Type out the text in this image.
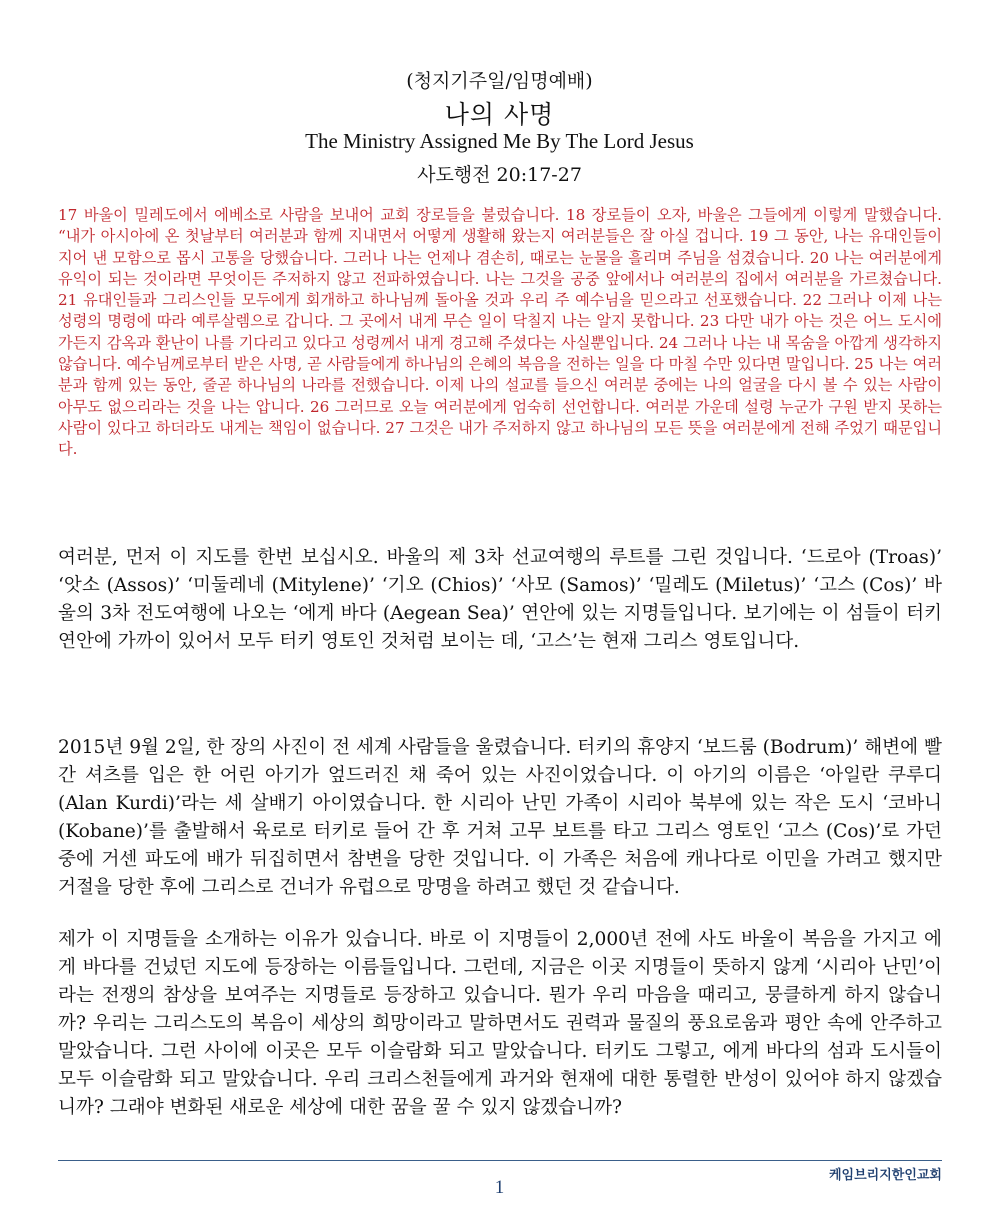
(청지기주일/임명예배)
나의 사명
The Ministry Assigned Me By The Lord Jesus
사도행전 20:17-27

17 바울이 밀레도에서 에베소로 사람을 보내어 교회 장로들을 불렀습니다. 18 장로들이 오자, 바울은 그들에게 이렇게 말했습니다. “내가 아시아에 온 첫날부터 여러분과 함께 지내면서 어떻게 생활해 왔는지 여러분들은 잘 아실 겁니다. 19 그 동안, 나는 유대인들이 지어 낸 모함으로 몹시 고통을 당했습니다. 그러나 나는 언제나 겸손히, 때로는 눈물을 흘리며 주님을 섬겼습니다. 20 나는 여러분에게 유익이 되는 것이라면 무엇이든 주저하지 않고 전파하였습니다. 나는 그것을 공중 앞에서나 여러분의 집에서 여러분을 가르쳤습니다. 21 유대인들과 그리스인들 모두에게 회개하고 하나님께 돌아올 것과 우리 주 예수님을 믿으라고 선포했습니다. 22 그러나 이제 나는 성령의 명령에 따라 예루살렘으로 갑니다. 그 곳에서 내게 무슨 일이 닥칠지 나는 알지 못합니다. 23 다만 내가 아는 것은 어느 도시에 가든지 감옥과 환난이 나를 기다리고 있다고 성령께서 내게 경고해 주셨다는 사실뿐입니다. 24 그러나 나는 내 목숨을 아깝게 생각하지 않습니다. 예수님께로부터 받은 사명, 곧 사람들에게 하나님의 은혜의 복음을 전하는 일을 다 마칠 수만 있다면 말입니다. 25 나는 여러분과 함께 있는 동안, 줄곧 하나님의 나라를 전했습니다. 이제 나의 설교를 들으신 여러분 중에는 나의 얼굴을 다시 볼 수 있는 사람이 아무도 없으리라는 것을 나는 압니다. 26 그러므로 오늘 여러분에게 엄숙히 선언합니다. 여러분 가운데 설령 누군가 구원 받지 못하는 사람이 있다고 하더라도 내게는 책임이 없습니다. 27 그것은 내가 주저하지 않고 하나님의 모든 뜻을 여러분에게 전해 주었기 때문입니다.

여러분, 먼저 이 지도를 한번 보십시오. 바울의 제 3차 선교여행의 루트를 그린 것입니다. ‘드로아 (Troas)’ ‘앗소 (Assos)’ ‘미둘레네 (Mitylene)’ ‘기오 (Chios)’ ‘사모 (Samos)’ ‘밀레도 (Miletus)’ ‘고스 (Cos)’ 바울의 3차 전도여행에 나오는 ‘에게 바다 (Aegean Sea)’ 연안에 있는 지명들입니다. 보기에는 이 섬들이 터키 연안에 가까이 있어서 모두 터키 영토인 것처럼 보이는 데, ‘고스’는 현재 그리스 영토입니다.

2015년 9월 2일, 한 장의 사진이 전 세계 사람들을 울렸습니다. 터키의 휴양지 ‘보드룸 (Bodrum)’ 해변에 빨간 셔츠를 입은 한 어린 아기가 엎드러진 채 죽어 있는 사진이었습니다. 이 아기의 이름은 ‘아일란 쿠루디 (Alan Kurdi)’라는 세 살배기 아이였습니다. 한 시리아 난민 가족이 시리아 북부에 있는 작은 도시 ‘코바니 (Kobane)’를 출발해서 육로로 터키로 들어 간 후 거쳐 고무 보트를 타고 그리스 영토인 ‘고스 (Cos)’로 가던 중에 거센 파도에 배가 뒤집히면서 참변을 당한 것입니다. 이 가족은 처음에 캐나다로 이민을 가려고 했지만 거절을 당한 후에 그리스로 건너가 유럽으로 망명을 하려고 했던 것 같습니다.

제가 이 지명들을 소개하는 이유가 있습니다. 바로 이 지명들이 2,000년 전에 사도 바울이 복음을 가지고 에게 바다를 건넜던 지도에 등장하는 이름들입니다. 그런데, 지금은 이곳 지명들이 뜻하지 않게 ‘시리아 난민’이라는 전쟁의 참상을 보여주는 지명들로 등장하고 있습니다. 뭔가 우리 마음을 때리고, 뭉클하게 하지 않습니까? 우리는 그리스도의 복음이 세상의 희망이라고 말하면서도 권력과 물질의 풍요로움과 평안 속에 안주하고 말았습니다. 그런 사이에 이곳은 모두 이슬람화 되고 말았습니다. 터키도 그렇고, 에게 바다의 섬과 도시들이 모두 이슬람화 되고 말았습니다. 우리 크리스천들에게 과거와 현재에 대한 통렬한 반성이 있어야 하지 않겠습니까? 그래야 변화된 새로운 세상에 대한 꿈을 꿀 수 있지 않겠습니까?

케임브리지한인교회
1
